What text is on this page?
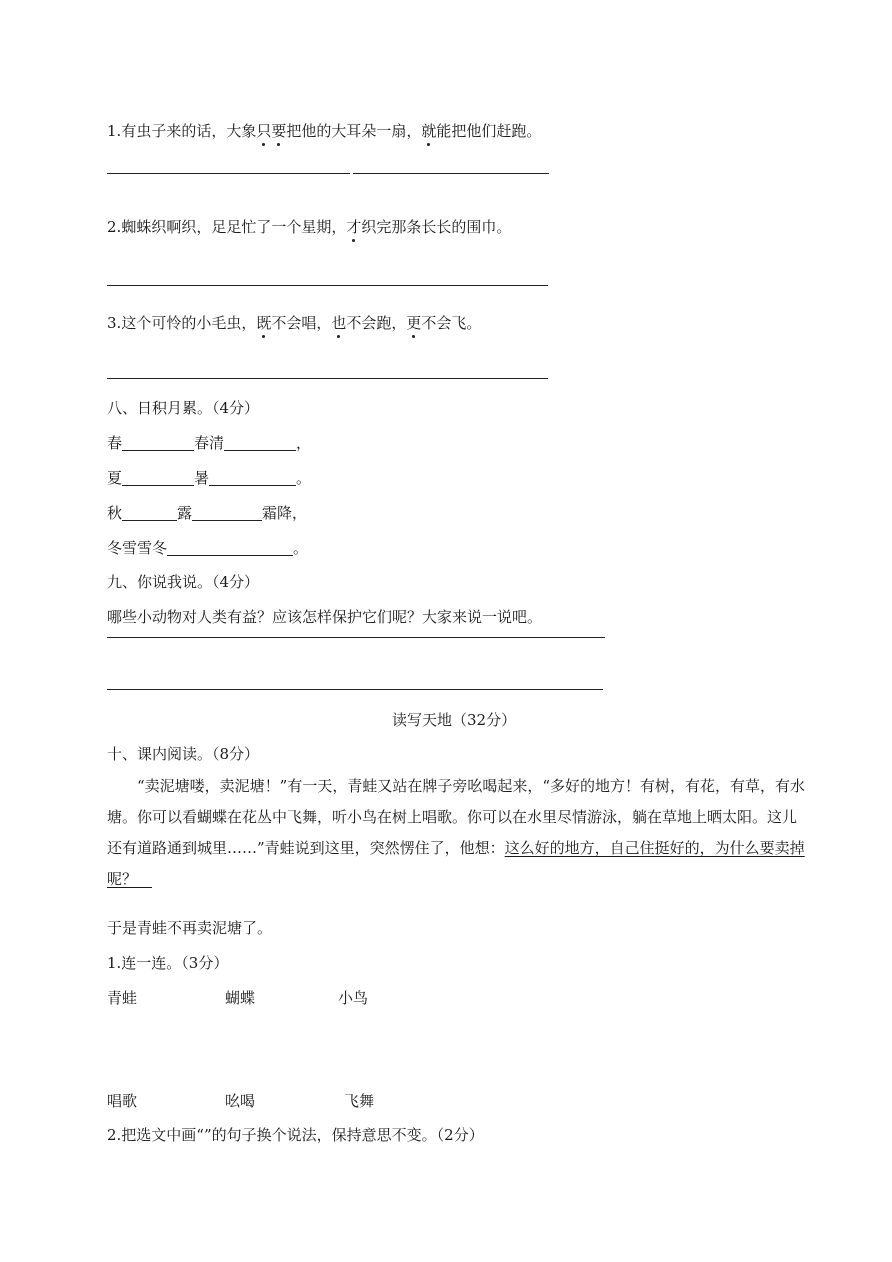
1.有虫子来的话，大象只要把他的大耳朵一扇，就能把他们赶跑。
2.蜘蛛织啊织，足足忙了一个星期，才织完那条长长的围巾。
3.这个可怜的小毛虫，既不会唱，也不会跑，更不会飞。
八、日积月累。（4分）
春	春清	，
夏	暑	。
秋	露	霜降，
冬雪雪冬	。
九、你说我说。（4分）
哪些小动物对人类有益？应该怎样保护它们呢？大家来说一说吧。
读写天地（32分）
十、课内阅读。（8分）
“卖泥塘喽，卖泥塘！”有一天，青蛙又站在牌子旁吆喝起来，“多好的地方！有树，有花，有草，有水塘。你可以看蝴蝶在花丛中飞舞，听小鸟在树上唱歌。你可以在水里尽情游泳，躺在草地上晒太阳。这儿还有道路通到城里……”青蛙说到这里，突然愣住了，他想：这么好的地方，自己住挺好的，为什么要卖掉呢？ 
于是青蛙不再卖泥塘了。
1.连一连。（3分）
青蛙	蝴蝶	小鸟
唱歌	吆喝	飞舞
2.把选文中画“”的句子换个说法，保持意思不变。（2分）
